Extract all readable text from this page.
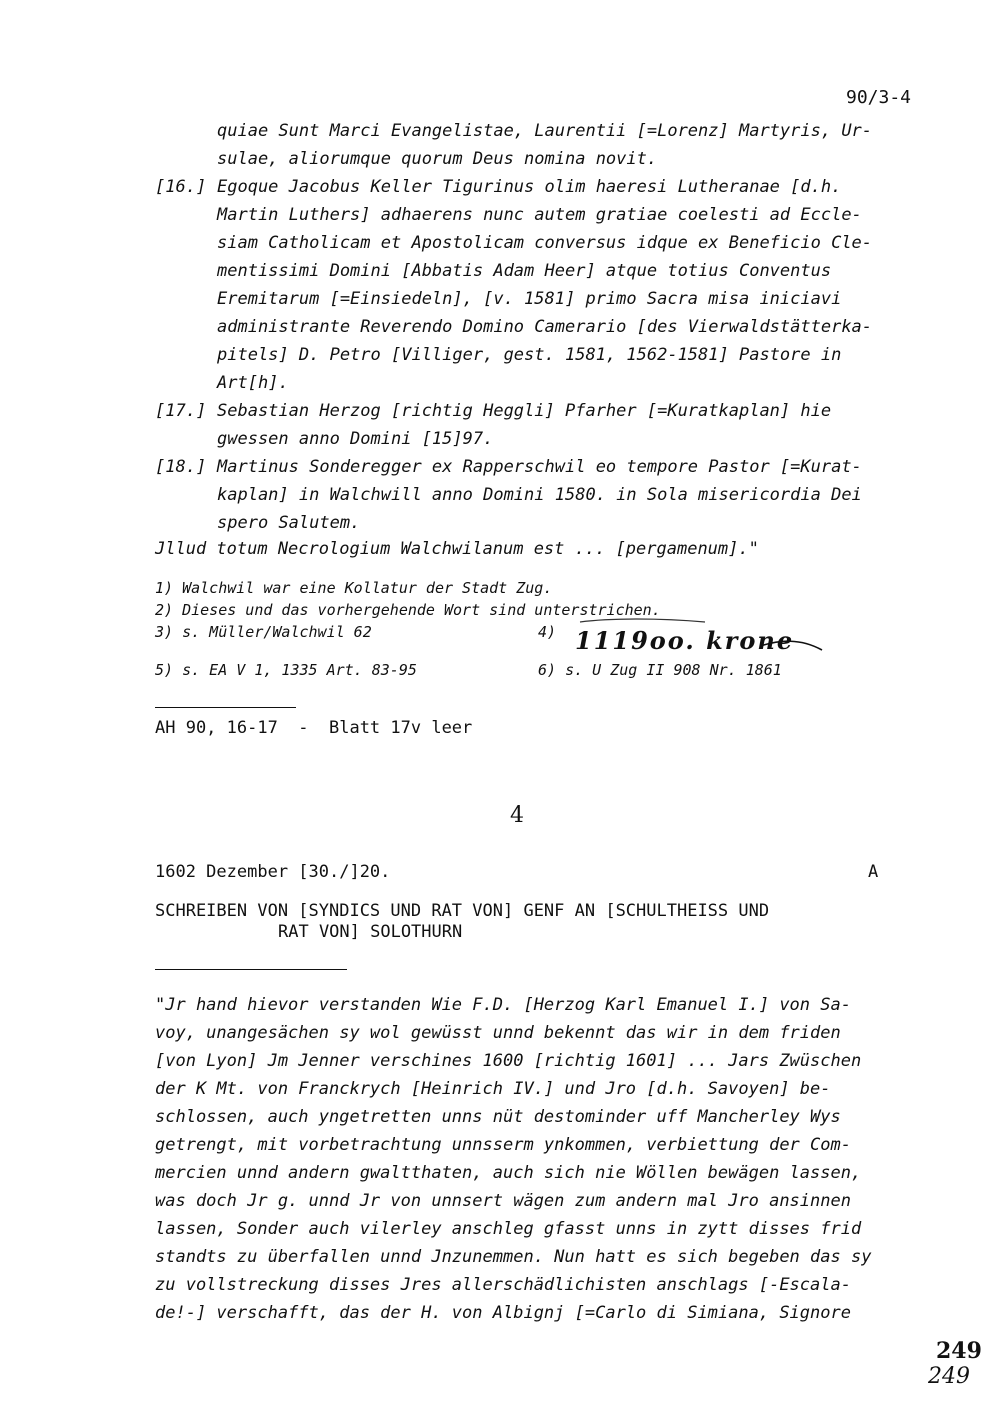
90/3-4
quiae Sunt Marci Evangelistae, Laurentii [=Lorenz] Martyris, Ur-
sulae, aliorumque quorum Deus nomina novit.
[16.] Egoque Jacobus Keller Tigurinus olim haeresi Lutheranae [d.h.
Martin Luthers] adhaerens nunc autem gratiae coelesti ad Eccle-
siam Catholicam et Apostolicam conversus idque ex Beneficio Cle-
mentissimi Domini [Abbatis Adam Heer] atque totius Conventus
Eremitarum [=Einsiedeln], [v. 1581] primo Sacra misa iniciavi
administrante Reverendo Domino Camerario [des Vierwaldstätterka-
pitels] D. Petro [Villiger, gest. 1581, 1562-1581] Pastore in
Art[h].
[17.] Sebastian Herzog [richtig Heggli] Pfarher [=Kuratkaplan] hie
gwessen anno Domini [15]97.
[18.] Martinus Sonderegger ex Rapperschwil eo tempore Pastor [=Kurat-
kaplan] in Walchwill anno Domini 1580. in Sola misericordia Dei
spero Salutem.
Jllud totum Necrologium Walchwilanum est ... [pergamenum]."
1) Walchwil war eine Kollatur der Stadt Zug.
2) Dieses und das vorhergehende Wort sind unterstrichen.
3) s. Müller/Walchwil 62	4) 1119oo. krone
5) s. EA V 1, 1335 Art. 83-95	6) s. U Zug II 908 Nr. 1861
AH 90, 16-17  -  Blatt 17v leer
4
1602 Dezember [30./]20.	A
SCHREIBEN VON [SYNDICS UND RAT VON] GENF AN [SCHULTHEISS UND
RAT VON] SOLOTHURN
"Jr hand hievor verstanden Wie F.D. [Herzog Karl Emanuel I.] von Sa-
voy, unangesächen sy wol gewüsst unnd bekennt das wir in dem friden
[von Lyon] Jm Jenner verschines 1600 [richtig 1601] ... Jars Zwüschen
der K Mt. von Franckrych [Heinrich IV.] und Jro [d.h. Savoyen] be-
schlossen, auch yngetretten unns nüt destominder uff Mancherley Wys
getrengt, mit vorbetrachtung unnsserm ynkommen, verbiettung der Com-
mercien unnd andern gwaltthaten, auch sich nie Wöllen bewägen lassen,
was doch Jr g. unnd Jr von unnsert wägen zum andern mal Jro ansinnen
lassen, Sonder auch vilerley anschleg gfasst unns in zytt disses frid
standts zu überfallen unnd Jnzunemmen. Nun hatt es sich begeben das sy
zu vollstreckung disses Jres allerschädlichisten anschlags [-Escala-
de!-] verschafft, das der H. von Albignj [=Carlo di Simiana, Signore
249
249
